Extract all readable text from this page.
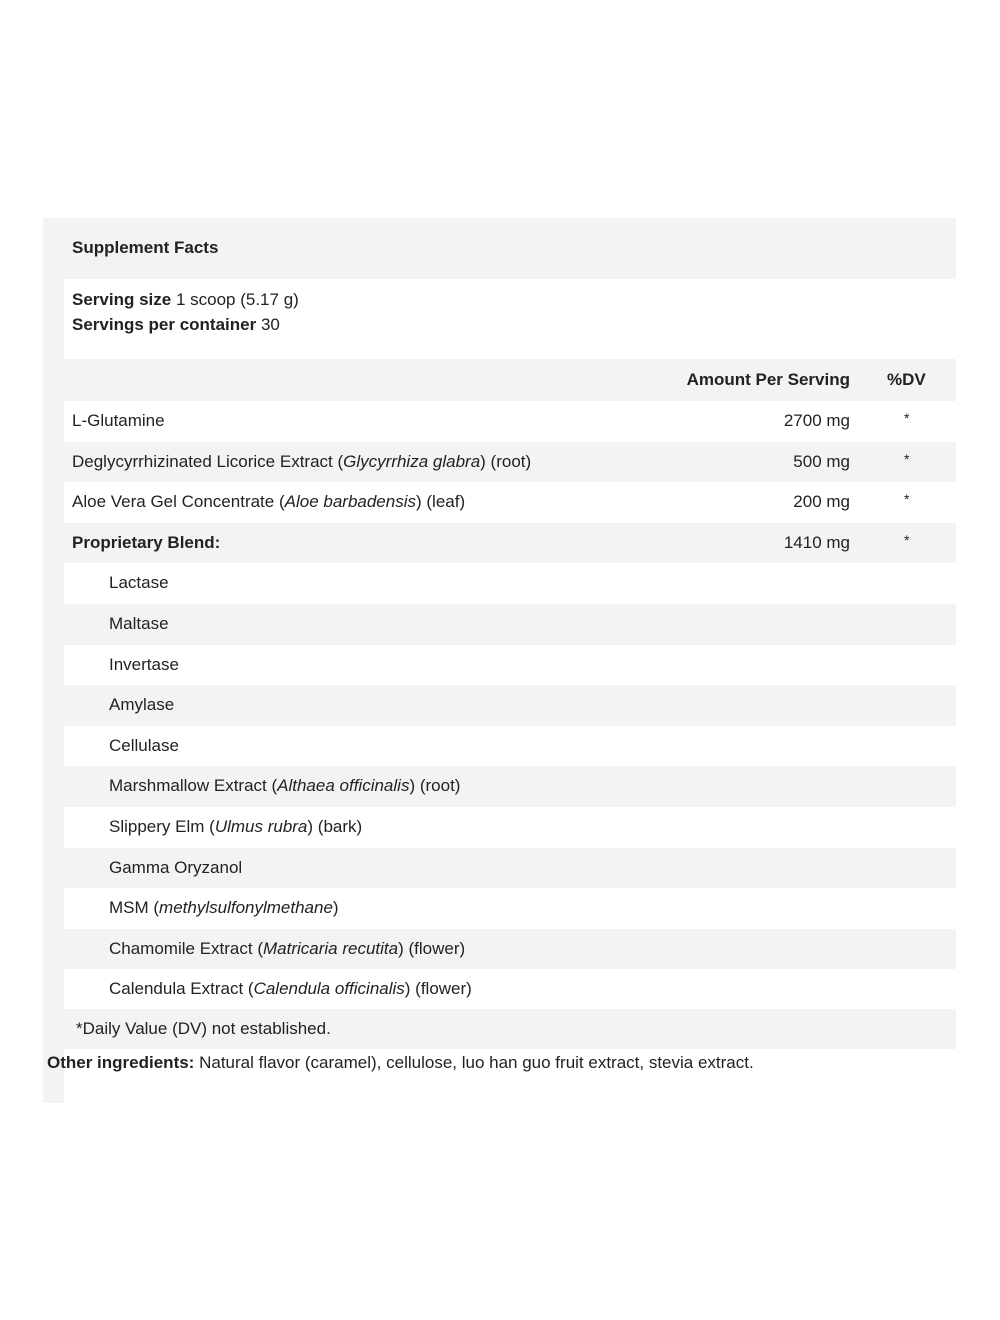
Supplement Facts
Serving size 1 scoop (5.17 g)
Servings per container 30
Amount Per Serving %DV
L-Glutamine	2700 mg	*
Deglycyrrhizinated Licorice Extract (Glycyrrhiza glabra) (root)	500 mg	*
Aloe Vera Gel Concentrate (Aloe barbadensis) (leaf)	200 mg	*
Proprietary Blend:	1410 mg	*
Lactase
Maltase
Invertase
Amylase
Cellulase
Marshmallow Extract (Althaea officinalis) (root)
Slippery Elm (Ulmus rubra) (bark)
Gamma Oryzanol
MSM (methylsulfonylmethane)
Chamomile Extract (Matricaria recutita) (flower)
Calendula Extract (Calendula officinalis) (flower)
*Daily Value (DV) not established.
Other ingredients: Natural flavor (caramel), cellulose, luo han guo fruit extract, stevia extract.
